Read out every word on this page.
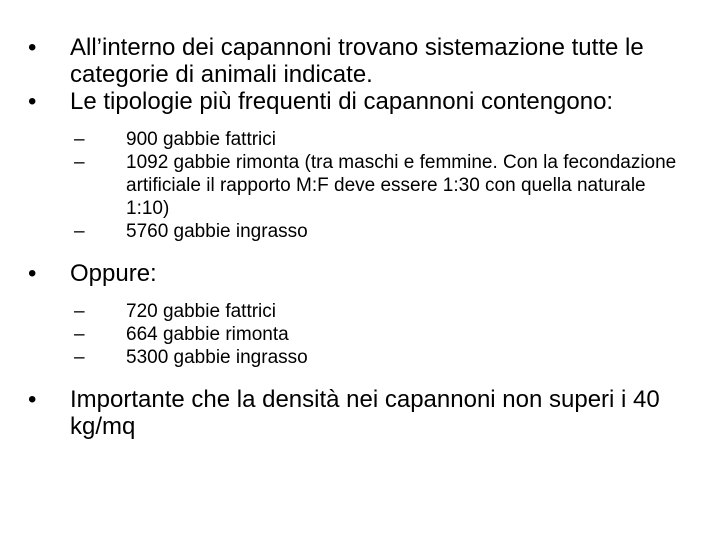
• All’interno dei capannoni trovano sistemazione tutte le categorie di animali indicate.
• Le tipologie più frequenti di capannoni contengono:
– 900 gabbie fattrici
– 1092 gabbie rimonta (tra maschi e femmine. Con la fecondazione artificiale il rapporto M:F deve essere 1:30 con quella naturale 1:10)
– 5760 gabbie ingrasso
• Oppure:
– 720 gabbie fattrici
– 664 gabbie rimonta
– 5300 gabbie ingrasso
• Importante che la densità nei capannoni non superi i 40 kg/mq
